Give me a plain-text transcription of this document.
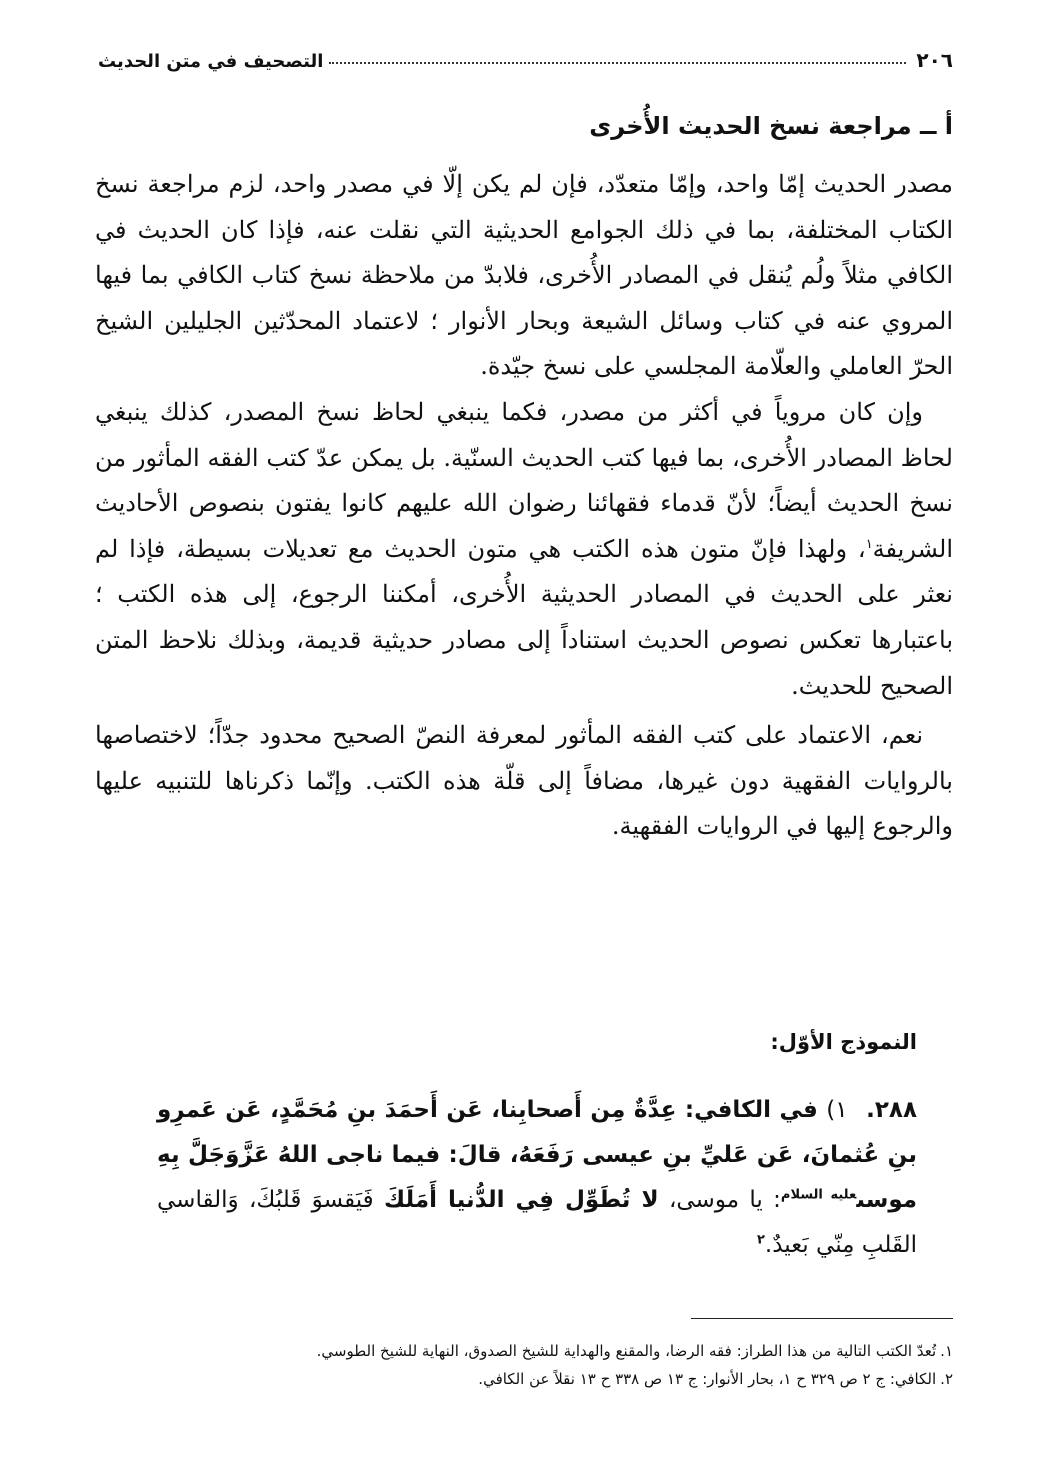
٢٠٦
التصحيف في متن الحديث
أ ــ مراجعة نسخ الحديث الأُخرى

مصدر الحديث إمّا واحد، وإمّا متعدّد، فإن لم يكن إلّا في مصدر واحد، لزم مراجعة نسخ الكتاب المختلفة، بما في ذلك الجوامع الحديثية التي نقلت عنه، فإذا كان الحديث في الكافي مثلاً ولُم يُنقل في المصادر الأُخرى، فلابدّ من ملاحظة نسخ كتاب الكافي بما فيها المروي عنه في كتاب وسائل الشيعة وبحار الأنوار ؛ لاعتماد المحدّثين الجليلين الشيخ الحرّ العاملي والعلّامة المجلسي على نسخ جيّدة.

وإن كان مروياً في أكثر من مصدر، فكما ينبغي لحاظ نسخ المصدر، كذلك ينبغي لحاظ المصادر الأُخرى، بما فيها كتب الحديث السنّية. بل يمكن عدّ كتب الفقه المأثور من نسخ الحديث أيضاً؛ لأنّ قدماء فقهائنا رضوان الله عليهم كانوا يفتون بنصوص الأحاديث الشريفة$^١$، ولهذا فإنّ متون هذه الكتب هي متون الحديث مع تعديلات بسيطة، فإذا لم نعثر على الحديث في المصادر الحديثية الأُخرى، أمكننا الرجوع، إلى هذه الكتب ؛ باعتبارها تعكس نصوص الحديث استناداً إلى مصادر حديثية قديمة، وبذلك نلاحظ المتن الصحيح للحديث.

نعم، الاعتماد على كتب الفقه المأثور لمعرفة النصّ الصحيح محدود جدّاً؛ لاختصاصها بالروايات الفقهية دون غيرها، مضافاً إلى قلّة هذه الكتب. وإنّما ذكرناها للتنبيه عليها والرجوع إليها في الروايات الفقهية.

النموذج الأوّل:

٢٨٨. ١) في الكافي: عِدَّةٌ مِن أَصحابِنا، عَن أَحمَدَ بنِ مُحَمَّدٍ، عَن عَمرِو بنِ عُثمانَ، عَن عَليِّ بنِ عيسى رَفَعَهُ، قالَ: فيما ناجى اللهُ عَزَّوَجَلَّ بِهِ موسى$^{عليه السلام}$: يا موسى، لا تُطَوِّل فِي الدُّنيا أَمَلَكَ فَيَقسوَ قَلبُكَ، وَالقاسي القَلبِ مِنّي بَعيدٌ.$^٢$

١.تُعدّ الكتب التالية من هذا الطراز: فقه الرضا، والمقنع والهداية للشيخ الصدوق، النهاية للشيخ الطوسي.

٢.الكافي: ج ٢ ص ٣٢٩ ح ١، بحار الأنوار: ج ١٣ ص ٣٣٨ ح ١٣ نقلاً عن الكافي.
